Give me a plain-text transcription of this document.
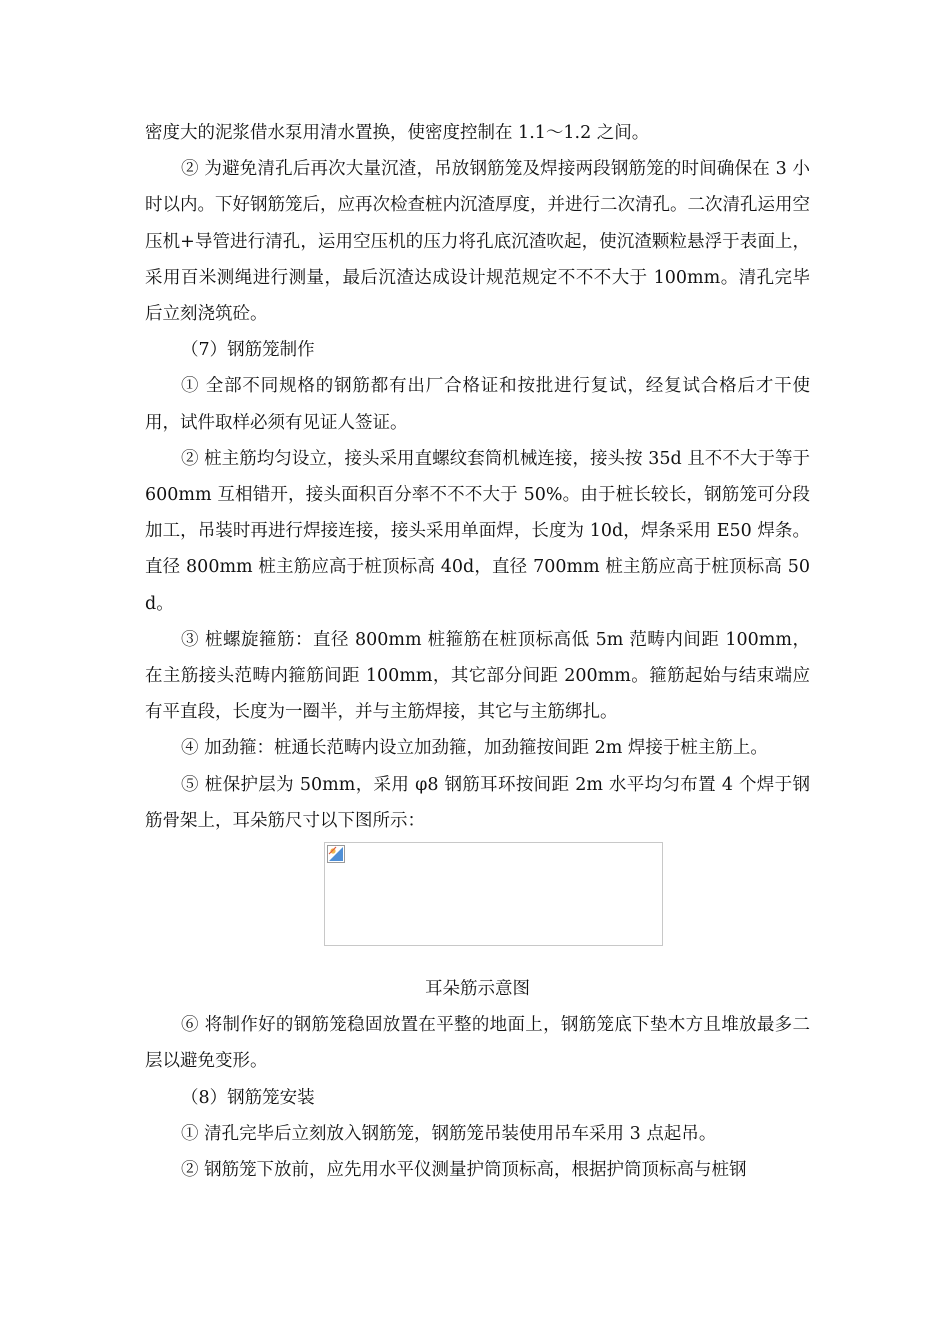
密度大的泥浆借水泵用清水置换，使密度控制在 1.1～1.2 之间。

② 为避免清孔后再次大量沉渣，吊放钢筋笼及焊接两段钢筋笼的时间确保在 3 小时以内。下好钢筋笼后，应再次检查桩内沉渣厚度，并进行二次清孔。二次清孔运用空压机+导管进行清孔，运用空压机的压力将孔底沉渣吹起，使沉渣颗粒悬浮于表面上，采用百米测绳进行测量，最后沉渣达成设计规范规定不不不大于 100mm。清孔完毕后立刻浇筑砼。

（7）钢筋笼制作

① 全部不同规格的钢筋都有出厂合格证和按批进行复试，经复试合格后才干使用，试件取样必须有见证人签证。

② 桩主筋均匀设立，接头采用直螺纹套筒机械连接，接头按 35d 且不不大于等于 600mm 互相错开，接头面积百分率不不不大于 50%。由于桩长较长，钢筋笼可分段加工，吊装时再进行焊接连接，接头采用单面焊，长度为 10d，焊条采用 E50 焊条。直径 800mm 桩主筋应高于桩顶标高 40d，直径 700mm 桩主筋应高于桩顶标高 50d。

③ 桩螺旋箍筋：直径 800mm 桩箍筋在桩顶标高低 5m 范畴内间距 100mm，在主筋接头范畴内箍筋间距 100mm，其它部分间距 200mm。箍筋起始与结束端应有平直段，长度为一圈半，并与主筋焊接，其它与主筋绑扎。

④ 加劲箍：桩通长范畴内设立加劲箍，加劲箍按间距 2m 焊接于桩主筋上。

⑤ 桩保护层为 50mm，采用 φ8 钢筋耳环按间距 2m 水平均匀布置 4 个焊于钢筋骨架上，耳朵筋尺寸以下图所示：

耳朵筋示意图

⑥ 将制作好的钢筋笼稳固放置在平整的地面上，钢筋笼底下垫木方且堆放最多二层以避免变形。

（8）钢筋笼安装

① 清孔完毕后立刻放入钢筋笼，钢筋笼吊装使用吊车采用 3 点起吊。

② 钢筋笼下放前，应先用水平仪测量护筒顶标高，根据护筒顶标高与桩钢
